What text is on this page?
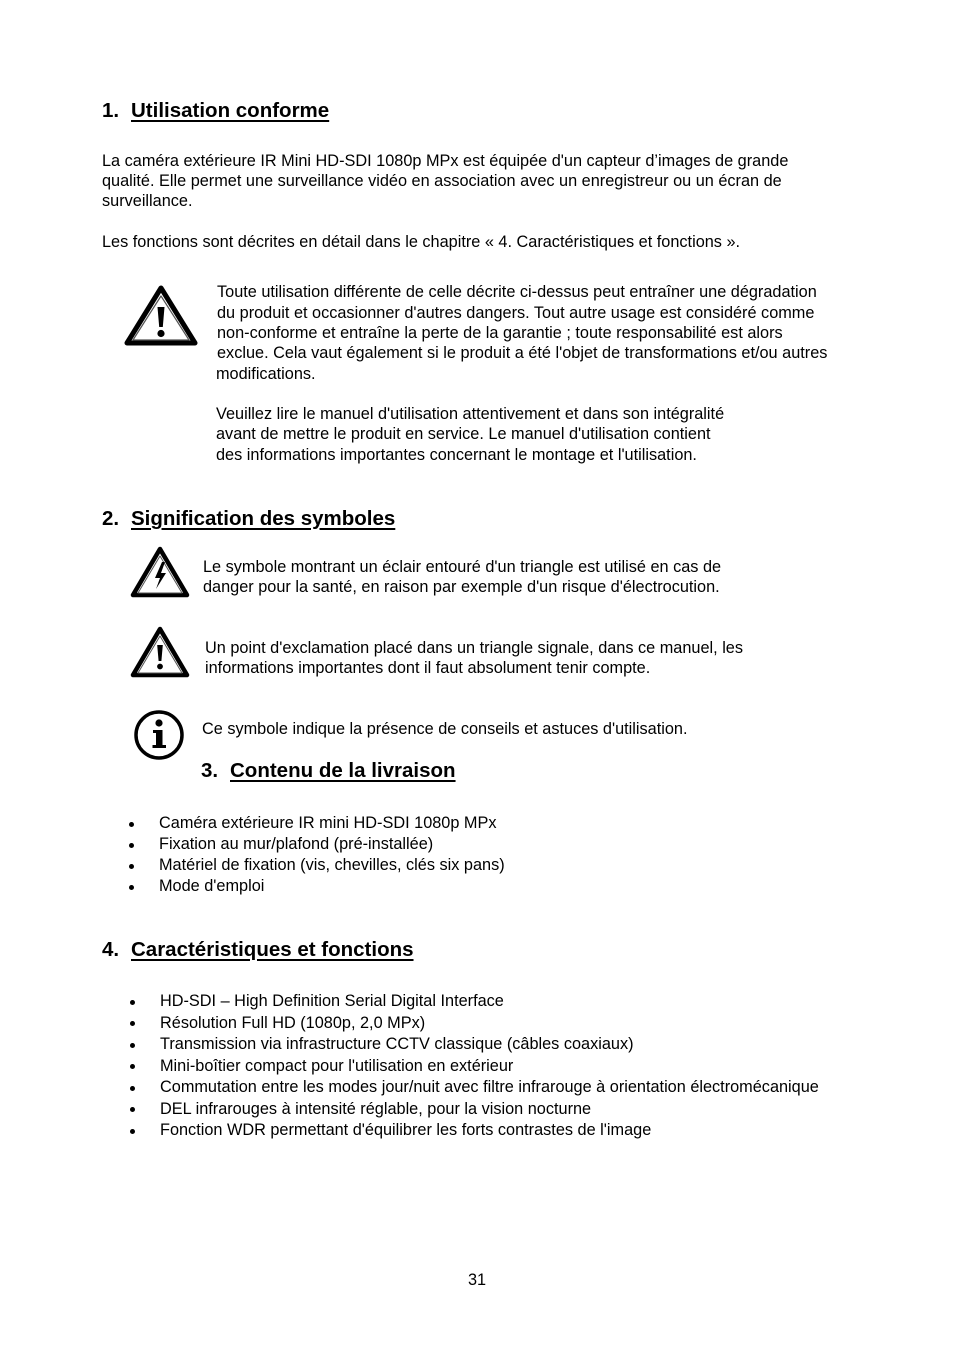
1. Utilisation conforme
La caméra extérieure IR Mini HD-SDI 1080p MPx est équipée d'un capteur d’images de grande
qualité. Elle permet une surveillance vidéo en association avec un enregistreur ou un écran de
surveillance.
Les fonctions sont décrites en détail dans le chapitre « 4. Caractéristiques et fonctions ».
Toute utilisation différente de celle décrite ci-dessus peut entraîner une dégradation
du produit et occasionner d'autres dangers. Tout autre usage est considéré comme
non-conforme et entraîne la perte de la garantie ; toute responsabilité est alors
exclue. Cela vaut également si le produit a été l'objet de transformations et/ou autres
modifications.
Veuillez lire le manuel d'utilisation attentivement et dans son intégralité
avant de mettre le produit en service. Le manuel d'utilisation contient
des informations importantes concernant le montage et l'utilisation.
2. Signification des symboles
Le symbole montrant un éclair entouré d'un triangle est utilisé en cas de
danger pour la santé, en raison par exemple d'un risque d'électrocution.
Un point d'exclamation placé dans un triangle signale, dans ce manuel, les
informations importantes dont il faut absolument tenir compte.
Ce symbole indique la présence de conseils et astuces d'utilisation.
3. Contenu de la livraison
Caméra extérieure IR mini HD-SDI 1080p MPx
Fixation au mur/plafond (pré-installée)
Matériel de fixation (vis, chevilles, clés six pans)
Mode d'emploi
4. Caractéristiques et fonctions
HD-SDI – High Definition Serial Digital Interface
Résolution Full HD (1080p, 2,0 MPx)
Transmission via infrastructure CCTV classique (câbles coaxiaux)
Mini-boîtier compact pour l'utilisation en extérieur
Commutation entre les modes jour/nuit avec filtre infrarouge à orientation électromécanique
DEL infrarouges à intensité réglable, pour la vision nocturne
Fonction WDR permettant d'équilibrer les forts contrastes de l'image
31
